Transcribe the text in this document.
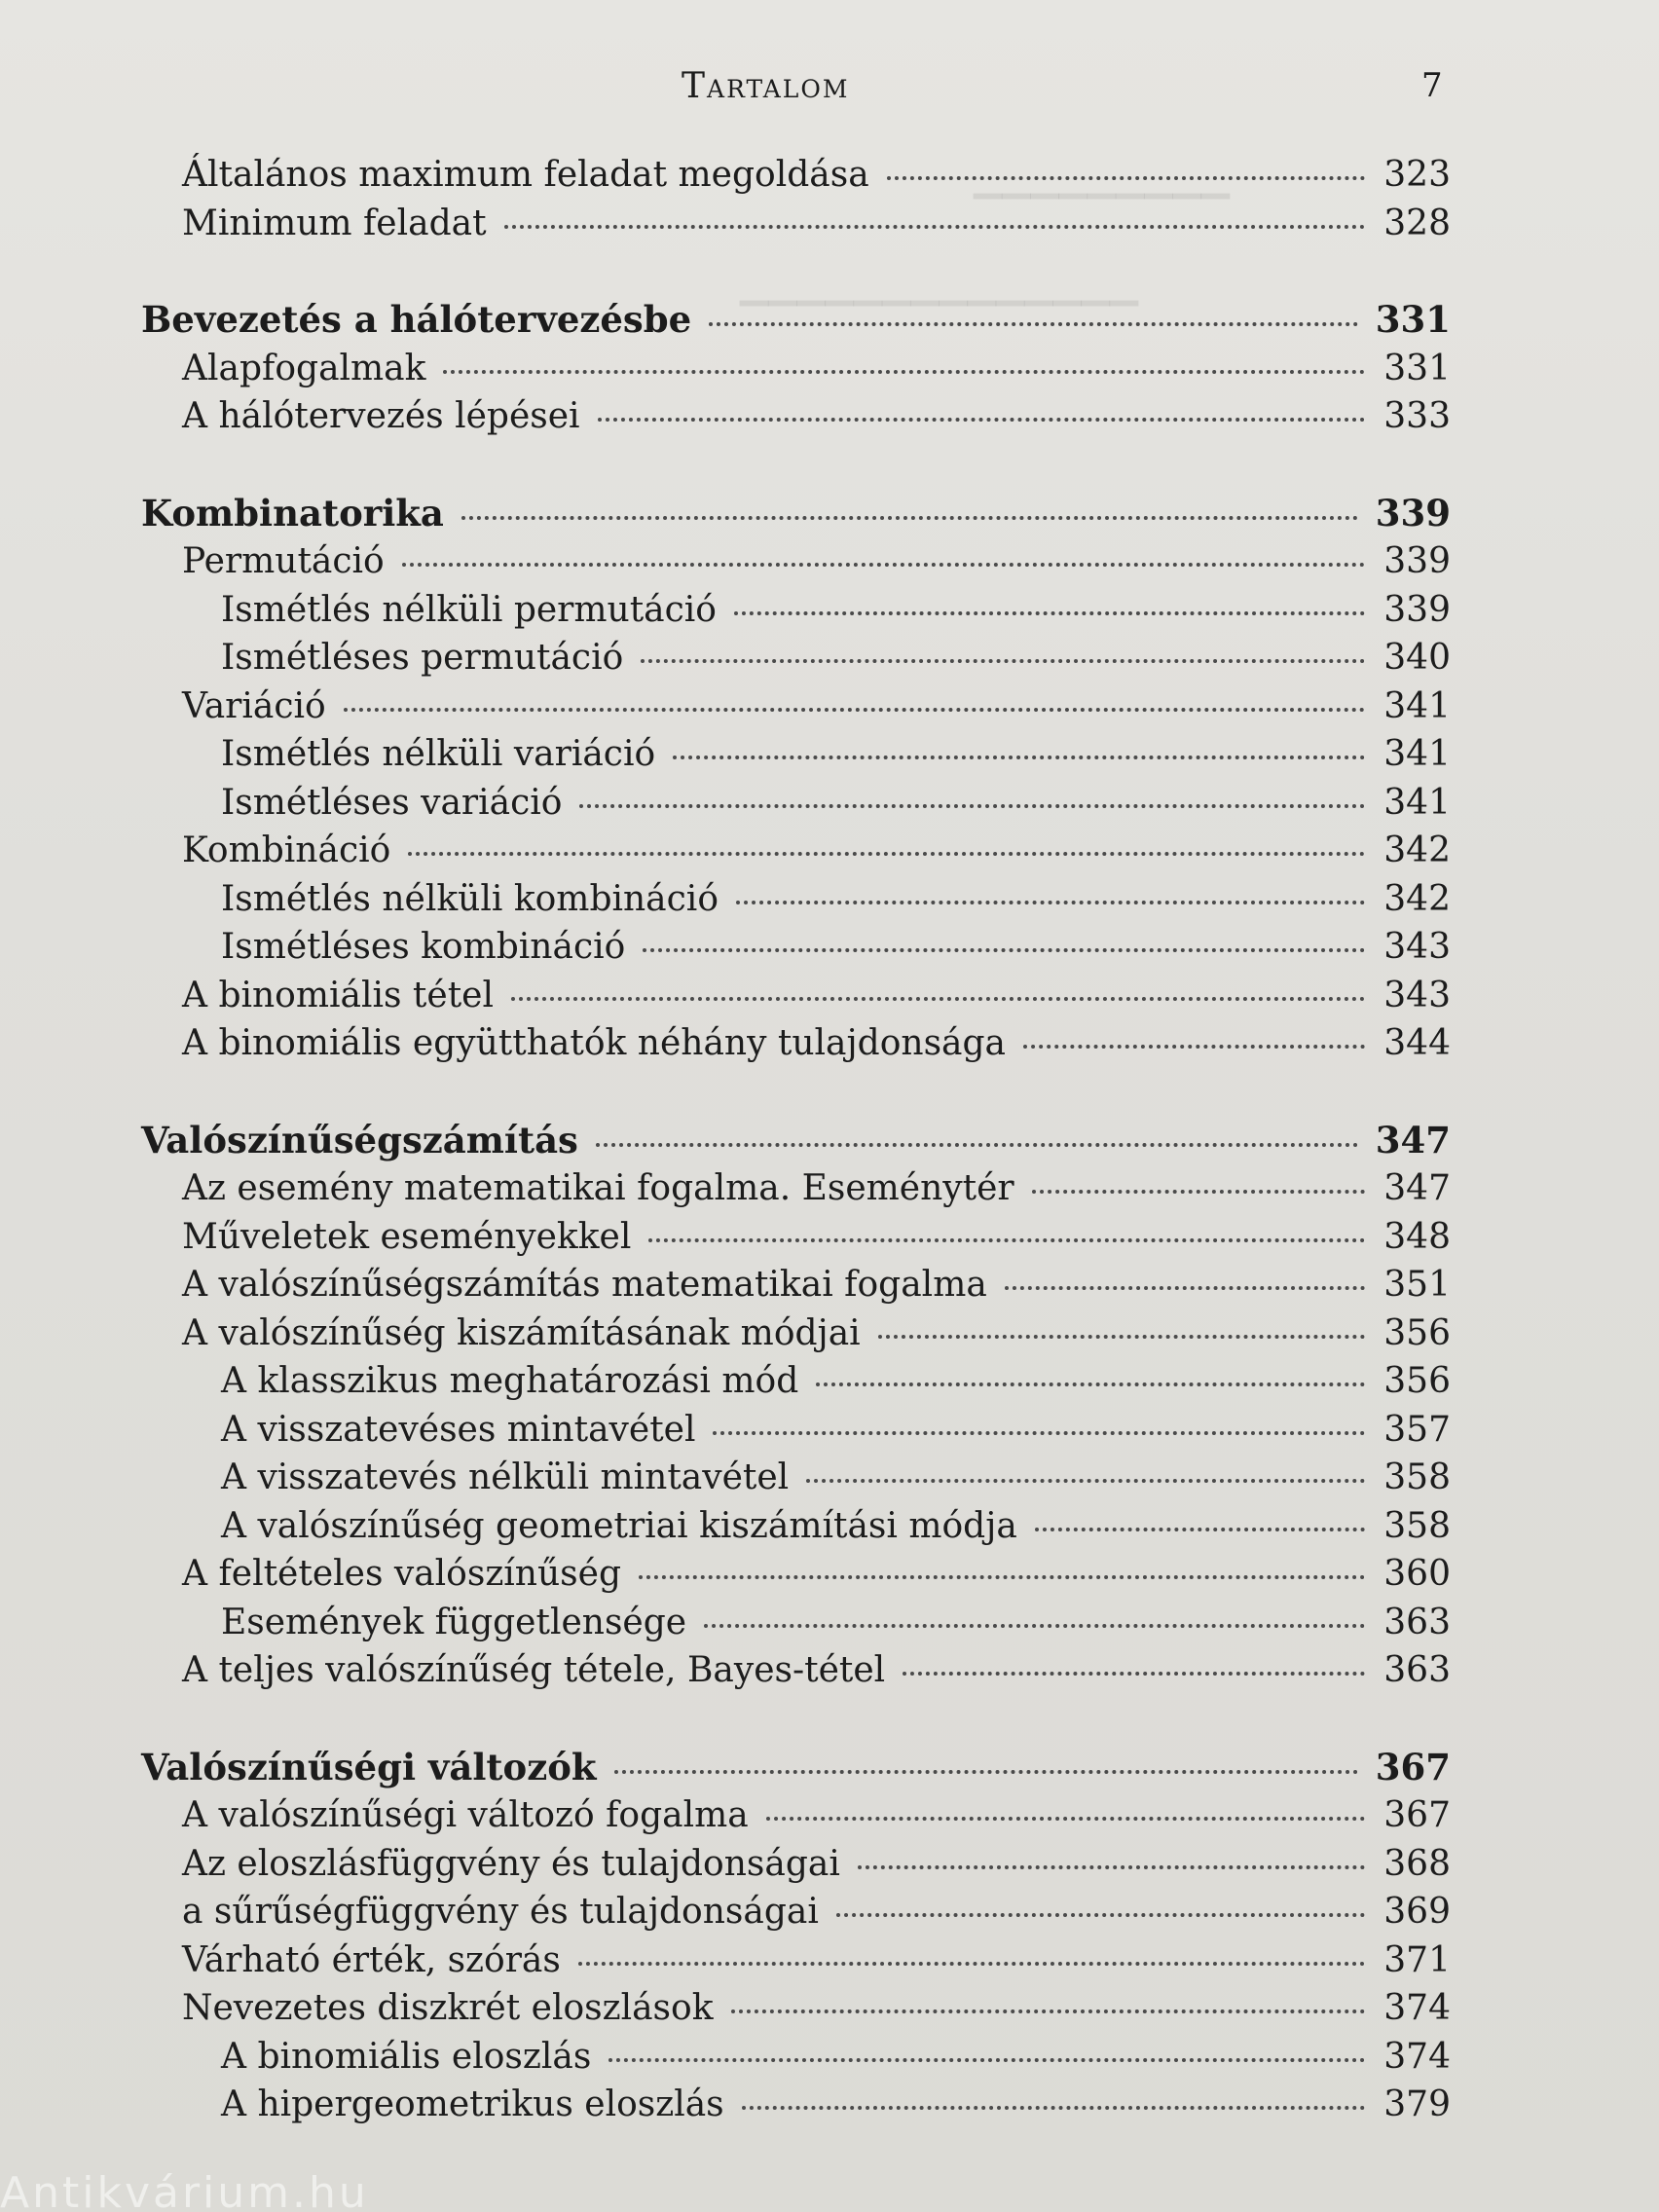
▁▁▁▁▁▁▁▁▁
▁▁▁▁▁▁▁▁▁▁▁▁▁▁
Tartalom	7
Általános maximum feladat megoldása	323
Minimum feladat	328
Bevezetés a hálótervezésbe	331
Alapfogalmak	331
A hálótervezés lépései	333
Kombinatorika	339
Permutáció	339
Ismétlés nélküli permutáció	339
Ismétléses permutáció	340
Variáció	341
Ismétlés nélküli variáció	341
Ismétléses variáció	341
Kombináció	342
Ismétlés nélküli kombináció	342
Ismétléses kombináció	343
A binomiális tétel	343
A binomiális együtthatók néhány tulajdonsága	344
Valószínűségszámítás	347
Az esemény matematikai fogalma. Eseménytér	347
Műveletek eseményekkel	348
A valószínűségszámítás matematikai fogalma	351
A valószínűség kiszámításának módjai	356
A klasszikus meghatározási mód	356
A visszatevéses mintavétel	357
A visszatevés nélküli mintavétel	358
A valószínűség geometriai kiszámítási módja	358
A feltételes valószínűség	360
Események függetlensége	363
A teljes valószínűség tétele, Bayes-tétel	363
Valószínűségi változók	367
A valószínűségi változó fogalma	367
Az eloszlásfüggvény és tulajdonságai	368
a sűrűségfüggvény és tulajdonságai	369
Várható érték, szórás	371
Nevezetes diszkrét eloszlások	374
A binomiális eloszlás	374
A hipergeometrikus eloszlás	379
Antikvárium.hu
